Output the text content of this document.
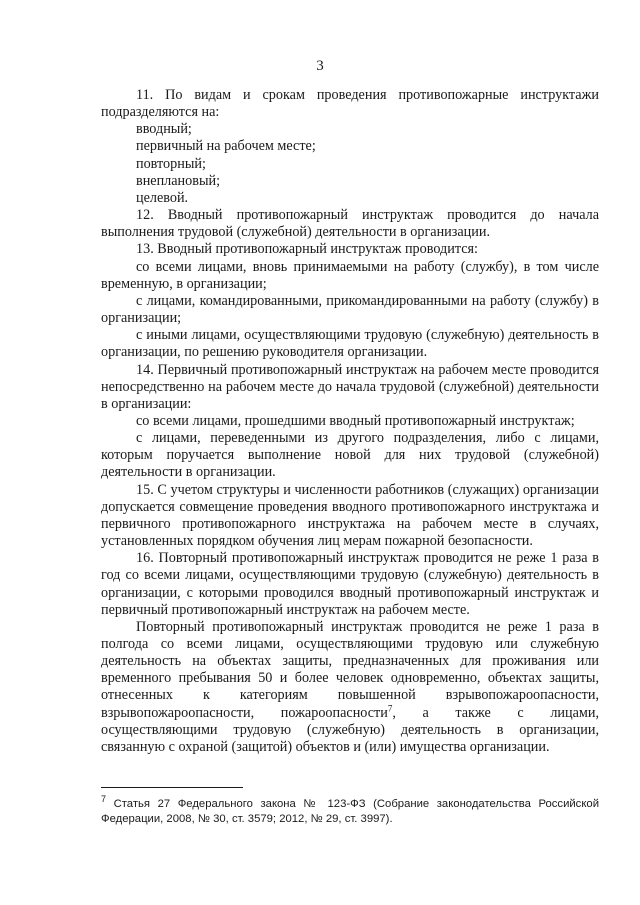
3

11. По видам и срокам проведения противопожарные инструктажи подразделяются на:

вводный;

первичный на рабочем месте;

повторный;

внеплановый;

целевой.

12. Вводный противопожарный инструктаж проводится до начала выполнения трудовой (служебной) деятельности в организации.

13. Вводный противопожарный инструктаж проводится:

со всеми лицами, вновь принимаемыми на работу (службу), в том числе временную, в организации;

с лицами, командированными, прикомандированными на работу (службу) в организации;

с иными лицами, осуществляющими трудовую (служебную) деятельность в организации, по решению руководителя организации.

14. Первичный противопожарный инструктаж на рабочем месте проводится непосредственно на рабочем месте до начала трудовой (служебной) деятельности в организации:

со всеми лицами, прошедшими вводный противопожарный инструктаж;

с лицами, переведенными из другого подразделения, либо с лицами, которым поручается выполнение новой для них трудовой (служебной) деятельности в организации.

15. С учетом структуры и численности работников (служащих) организации допускается совмещение проведения вводного противопожарного инструктажа и первичного противопожарного инструктажа на рабочем месте в случаях, установленных порядком обучения лиц мерам пожарной безопасности.

16. Повторный противопожарный инструктаж проводится не реже 1 раза в год со всеми лицами, осуществляющими трудовую (служебную) деятельность в организации, с которыми проводился вводный противопожарный инструктаж и первичный противопожарный инструктаж на рабочем месте.

Повторный противопожарный инструктаж проводится не реже 1 раза в полгода со всеми лицами, осуществляющими трудовую или служебную деятельность на объектах защиты, предназначенных для проживания или временного пребывания 50 и более человек одновременно, объектах защиты, отнесенных к категориям повышенной взрывопожароопасности, взрывопожароопасности, пожароопасности$^7$, а также с лицами, осуществляющими трудовую (служебную) деятельность в организации, связанную с охраной (защитой) объектов и (или) имущества организации.

$^7$ Статья 27 Федерального закона № 123-ФЗ (Собрание законодательства Российской Федерации, 2008, № 30, ст. 3579; 2012, № 29, ст. 3997).
